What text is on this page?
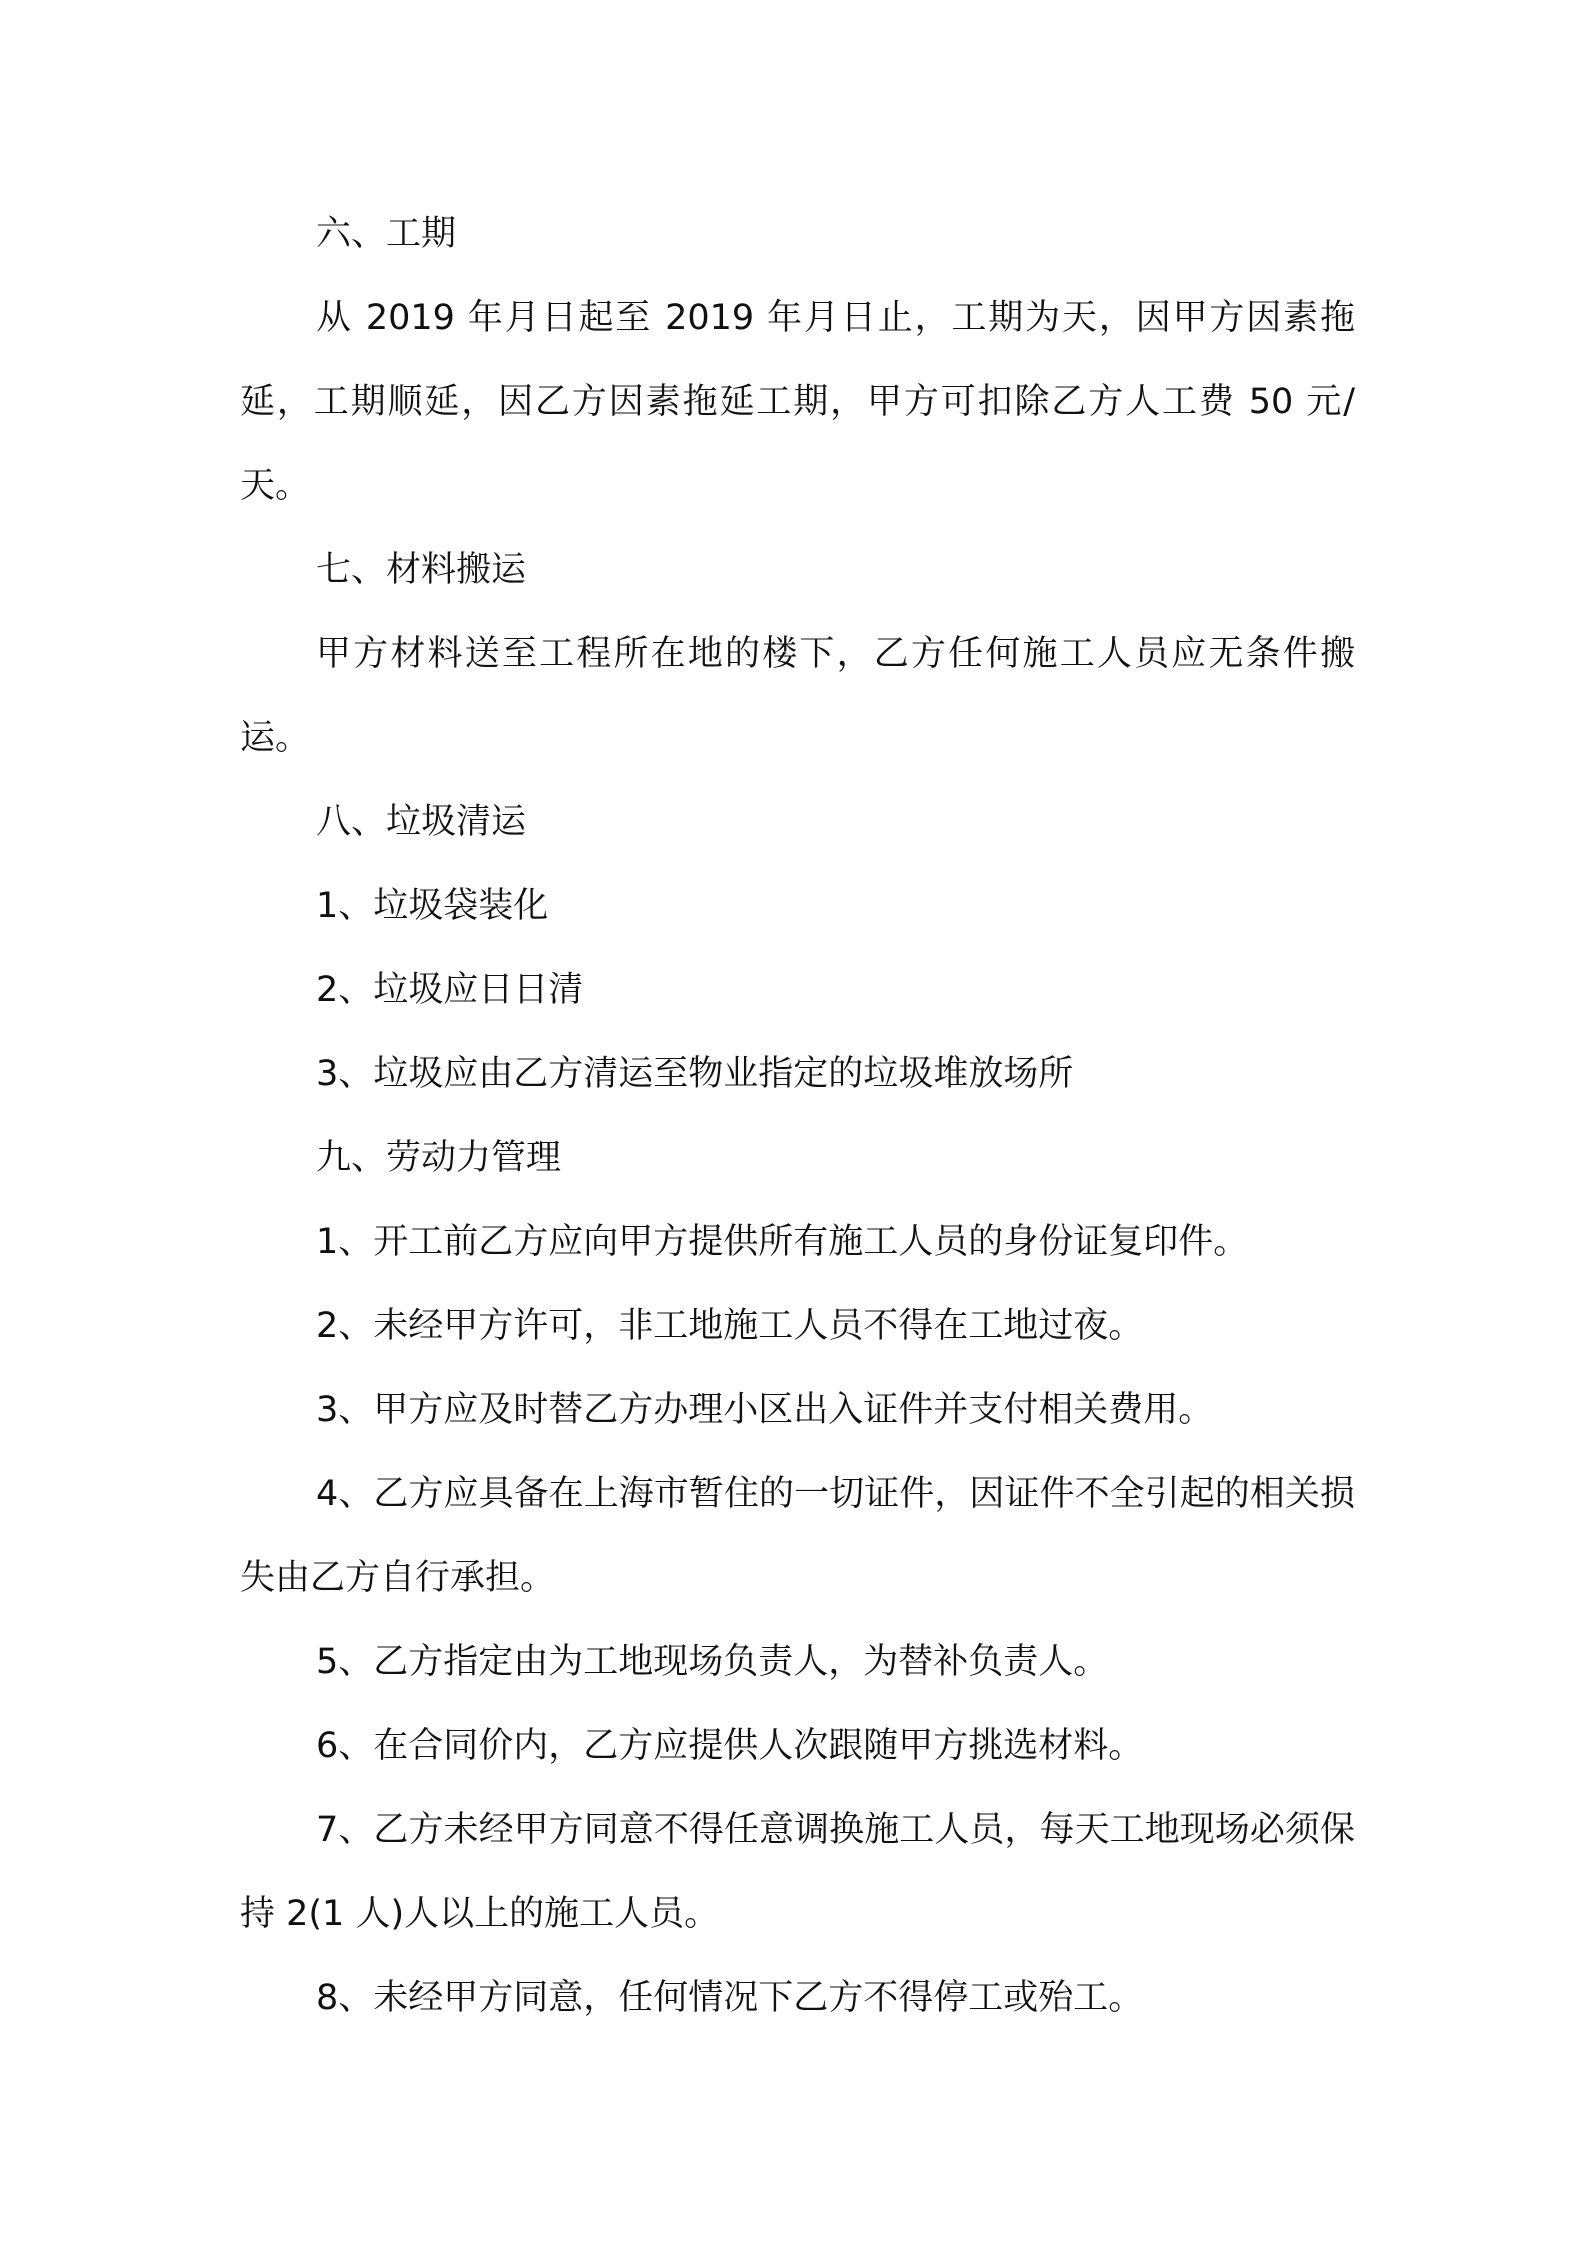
六、工期

从 2019 年月日起至 2019 年月日止，工期为天，因甲方因素拖延，工期顺延，因乙方因素拖延工期，甲方可扣除乙方人工费 50 元/天。

七、材料搬运

甲方材料送至工程所在地的楼下，乙方任何施工人员应无条件搬运。

八、垃圾清运

1、垃圾袋装化

2、垃圾应日日清

3、垃圾应由乙方清运至物业指定的垃圾堆放场所

九、劳动力管理

1、开工前乙方应向甲方提供所有施工人员的身份证复印件。

2、未经甲方许可，非工地施工人员不得在工地过夜。

3、甲方应及时替乙方办理小区出入证件并支付相关费用。

4、乙方应具备在上海市暂住的一切证件，因证件不全引起的相关损失由乙方自行承担。

5、乙方指定由为工地现场负责人，为替补负责人。

6、在合同价内，乙方应提供人次跟随甲方挑选材料。

7、乙方未经甲方同意不得任意调换施工人员，每天工地现场必须保持 2(1 人)人以上的施工人员。

8、未经甲方同意，任何情况下乙方不得停工或殆工。
